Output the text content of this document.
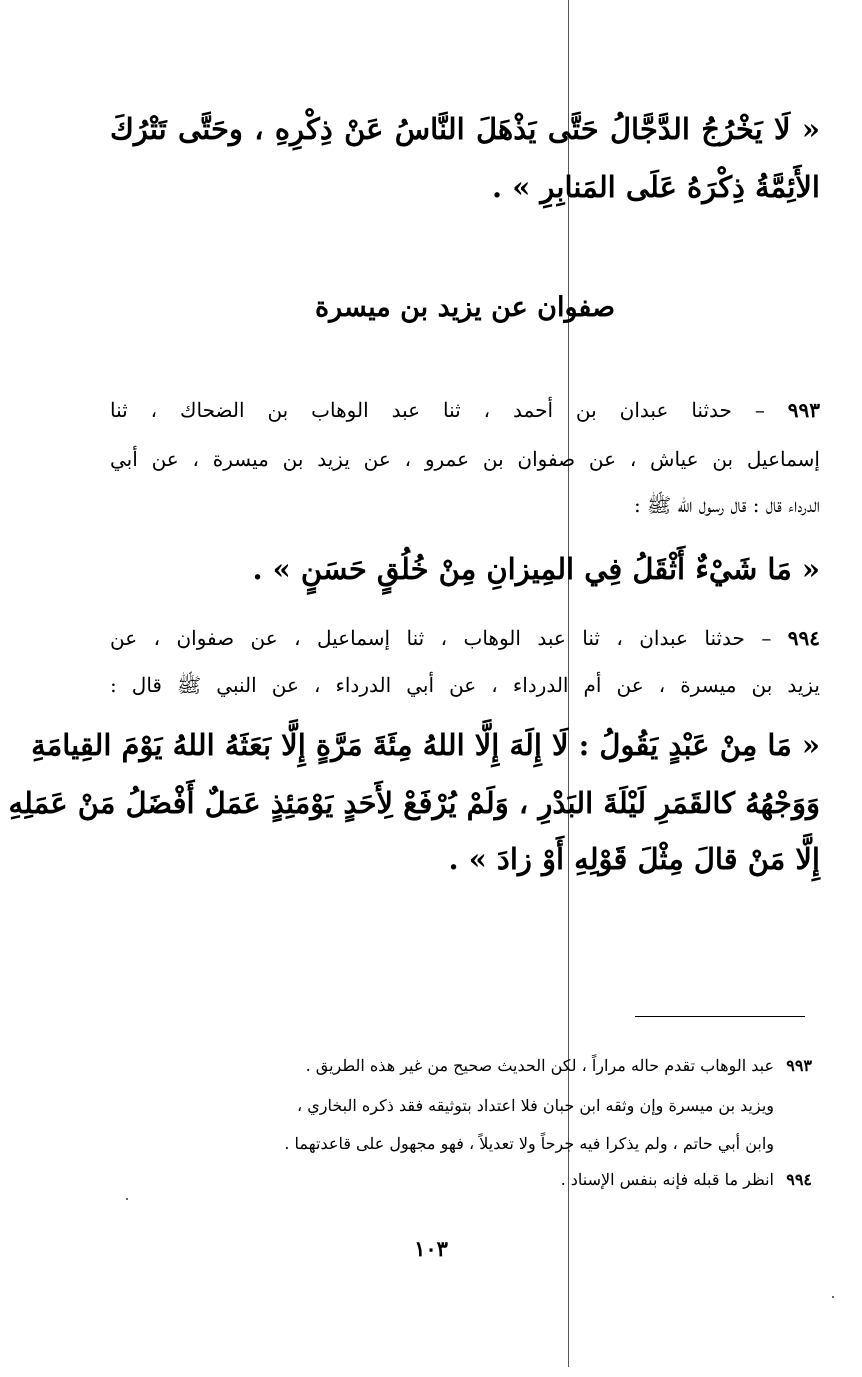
« لَا يَخْرُجُ الدَّجَّالُ حَتَّى يَذْهَلَ النَّاسُ عَنْ ذِكْرِهِ ، وحَتَّى تَتْرُكَ
الأَئِمَّةُ ذِكْرَهُ عَلَى المَنابِرِ » .
صفوان عن يزيد بن ميسرة
٩٩٣ – حدثنا عبدان بن أحمد ، ثنا عبد الوهاب بن الضحاك ، ثنا
إسماعيل بن عياش ، عن صفوان بن عمرو ، عن يزيد بن ميسرة ، عن أبي
الدرداء قال : قال رسول الله ﷺ :
« مَا شَيْءٌ أَثْقَلُ فِي المِيزانِ مِنْ خُلُقٍ حَسَنٍ » .
٩٩٤ – حدثنا عبدان ، ثنا عبد الوهاب ، ثنا إسماعيل ، عن صفوان ، عن
يزيد بن ميسرة ، عن أم الدرداء ، عن أبي الدرداء ، عن النبي ﷺ قال :
« مَا مِنْ عَبْدٍ يَقُولُ : لَا إِلَهَ إِلَّا اللهُ مِئَةَ مَرَّةٍ إِلَّا بَعَثَهُ اللهُ يَوْمَ القِيامَةِ
وَوَجْهُهُ كالقَمَرِ لَيْلَةَ البَدْرِ ، وَلَمْ يُرْفَعْ لِأَحَدٍ يَوْمَئِذٍ عَمَلٌ أَفْضَلُ مَنْ عَمَلِهِ
إِلَّا مَنْ قالَ مِثْلَ قَوْلِهِ أَوْ زادَ » .
٩٩٣عبد الوهاب تقدم حاله مراراً ، لكن الحديث صحيح من غير هذه الطريق .
ويزيد بن ميسرة وإن وثقه ابن حبان فلا اعتداد بتوثيقه فقد ذكره البخاري ،
وابن أبي حاتم ، ولم يذكرا فيه جرحاً ولا تعديلاً ، فهو مجهول على قاعدتهما .
٩٩٤انظر ما قبله فإنه بنفس الإسناد .
١٠٣
